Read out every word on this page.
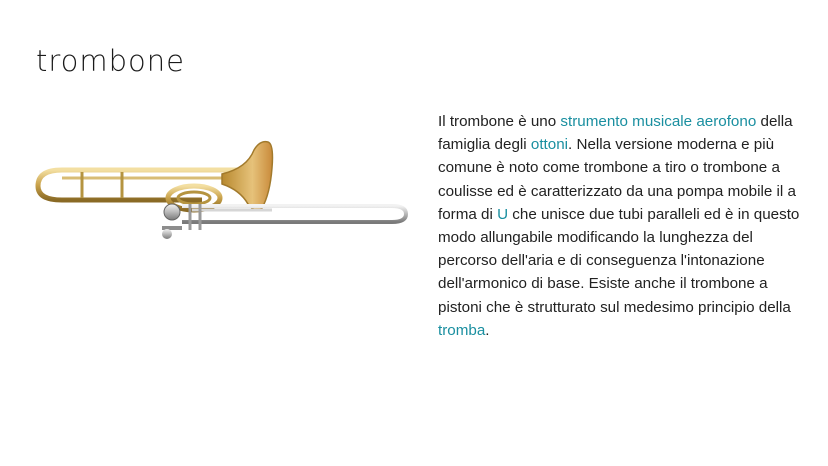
trombone
Il trombone è uno strumento musicale aerofono della famiglia degli ottoni. Nella versione moderna e più comune è noto come trombone a tiro o trombone a coulisse ed è caratterizzato da una pompa mobile il a forma di U che unisce due tubi paralleli ed è in questo modo allungabile modificando la lunghezza del percorso dell'aria e di conseguenza l'intonazione dell'armonico di base. Esiste anche il trombone a pistoni che è strutturato sul medesimo principio della tromba.
